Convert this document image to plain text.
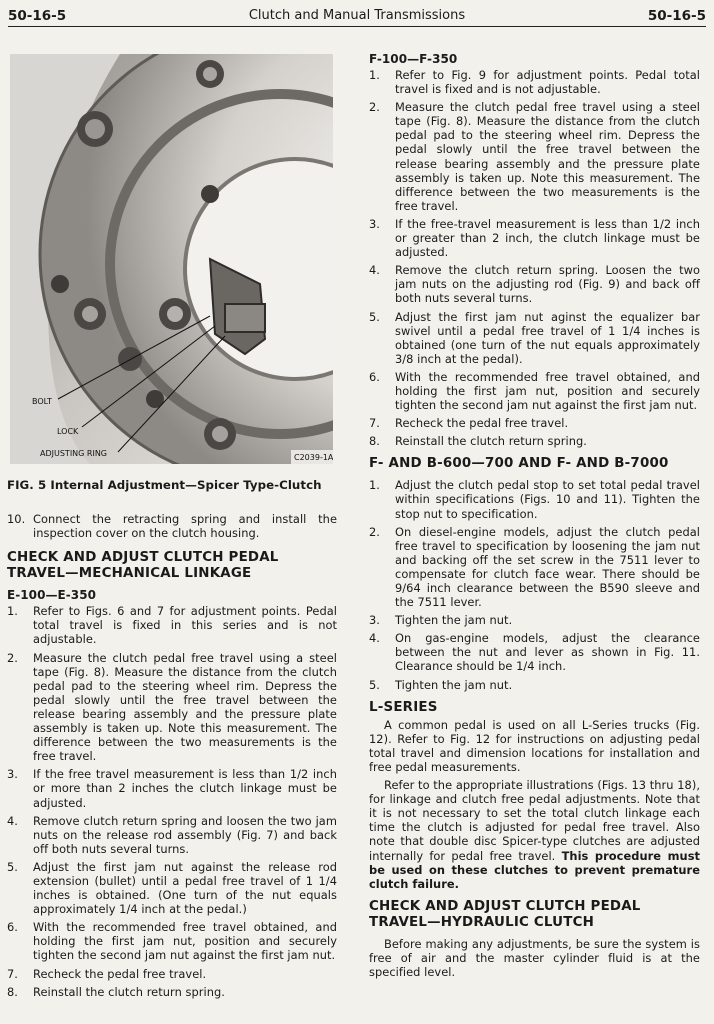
50-16-5	Clutch and Manual Transmissions	50-16-5
BOLT
LOCK
ADJUSTING RING	C2039-1A
FIG. 5 Internal Adjustment—Spicer Type-Clutch
10. Connect the retracting spring and install the inspection cover on the clutch housing.
CHECK AND ADJUST CLUTCH PEDAL TRAVEL—MECHANICAL LINKAGE
E-100—E-350
1. Refer to Figs. 6 and 7 for adjustment points. Pedal total travel is fixed in this series and is not adjustable.
2. Measure the clutch pedal free travel using a steel tape (Fig. 8). Measure the distance from the clutch pedal pad to the steering wheel rim. Depress the pedal slowly until the free travel between the release bearing assembly and the pressure plate assembly is taken up. Note this measurement. The difference between the two measurements is the free travel.
3. If the free travel measurement is less than 1/2 inch or more than 2 inches the clutch linkage must be adjusted.
4. Remove clutch return spring and loosen the two jam nuts on the release rod assembly (Fig. 7) and back off both nuts several turns.
5. Adjust the first jam nut against the release rod extension (bullet) until a pedal free travel of 1 1/4 inches is obtained. (One turn of the nut equals approximately 1/4 inch at the pedal.)
6. With the recommended free travel obtained, and holding the first jam nut, position and securely tighten the second jam nut against the first jam nut.
7. Recheck the pedal free travel.
8. Reinstall the clutch return spring.
F-100—F-350
1. Refer to Fig. 9 for adjustment points. Pedal total travel is fixed and is not adjustable.
2. Measure the clutch pedal free travel using a steel tape (Fig. 8). Measure the distance from the clutch pedal pad to the steering wheel rim. Depress the pedal slowly until the free travel between the release bearing assembly and the pressure plate assembly is taken up. Note this measurement. The difference between the two measurements is the free travel.
3. If the free-travel measurement is less than 1/2 inch or greater than 2 inch, the clutch linkage must be adjusted.
4. Remove the clutch return spring. Loosen the two jam nuts on the adjusting rod (Fig. 9) and back off both nuts several turns.
5. Adjust the first jam nut aginst the equalizer bar swivel until a pedal free travel of 1 1/4 inches is obtained (one turn of the nut equals approximately 3/8 inch at the pedal).
6. With the recommended free travel obtained, and holding the first jam nut, position and securely tighten the second jam nut against the first jam nut.
7. Recheck the pedal free travel.
8. Reinstall the clutch return spring.
F- AND B-600—700 AND F- AND B-7000
1. Adjust the clutch pedal stop to set total pedal travel within specifications (Figs. 10 and 11). Tighten the stop nut to specification.
2. On diesel-engine models, adjust the clutch pedal free travel to specification by loosening the jam nut and backing off the set screw in the 7511 lever to compensate for clutch face wear. There should be 9/64 inch clearance between the B590 sleeve and the 7511 lever.
3. Tighten the jam nut.
4. On gas-engine models, adjust the clearance between the nut and lever as shown in Fig. 11. Clearance should be 1/4 inch.
5. Tighten the jam nut.
L-SERIES

A common pedal is used on all L-Series trucks (Fig. 12). Refer to Fig. 12 for instructions on adjusting pedal total travel and dimension locations for installation and free pedal measurements.

Refer to the appropriate illustrations (Figs. 13 thru 18), for linkage and clutch free pedal adjustments. Note that it is not necessary to set the total clutch linkage each time the clutch is adjusted for pedal free travel. Also note that double disc Spicer-type clutches are adjusted internally for pedal free travel. This procedure must be used on these clutches to prevent premature clutch failure.

CHECK AND ADJUST CLUTCH PEDAL TRAVEL—HYDRAULIC CLUTCH

Before making any adjustments, be sure the system is free of air and the master cylinder fluid is at the specified level.
